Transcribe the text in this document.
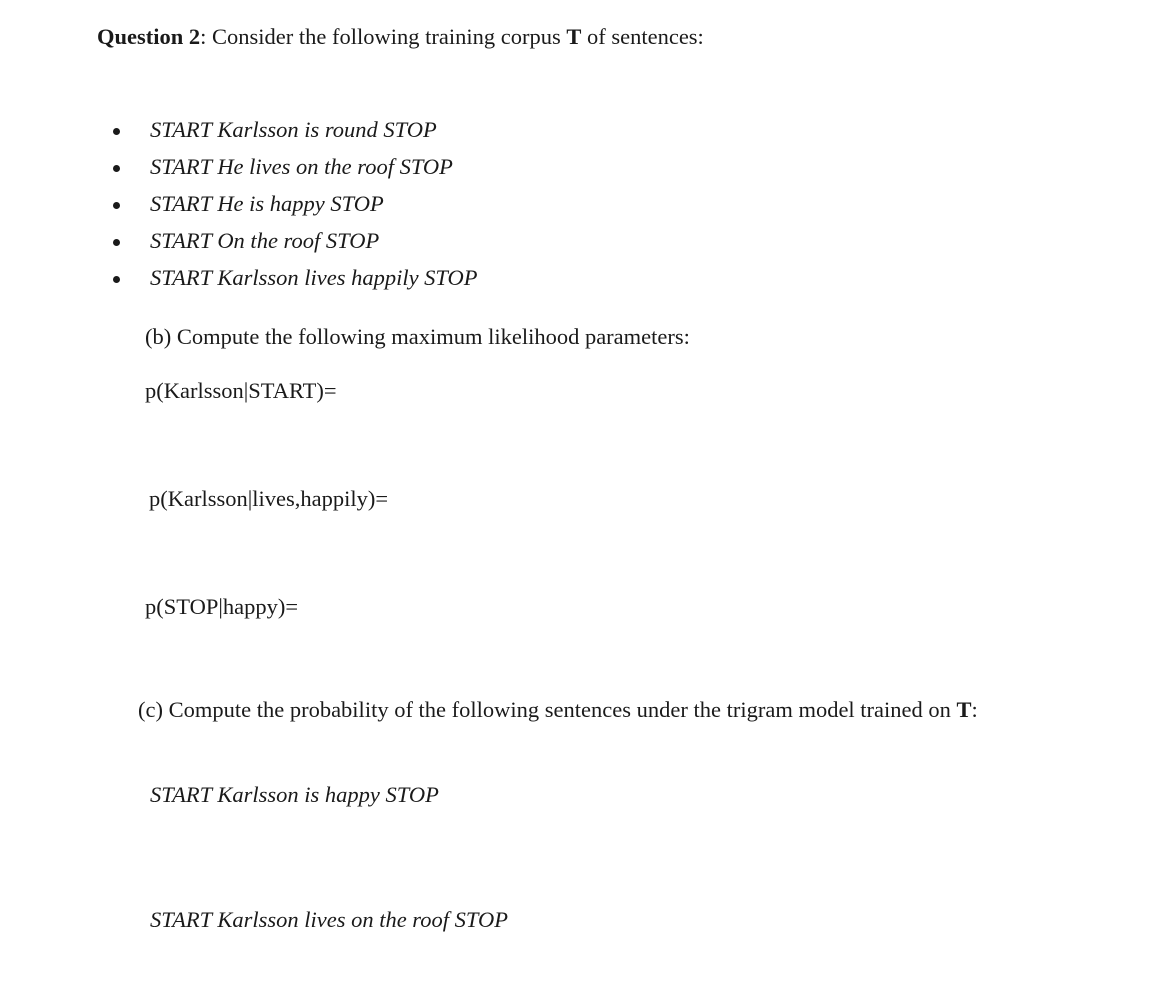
Question 2: Consider the following training corpus T of sentences:
START Karlsson is round STOP
START He lives on the roof STOP
START He is happy STOP
START On the roof STOP
START Karlsson lives happily STOP
(b) Compute the following maximum likelihood parameters:
p(Karlsson|START)=
p(Karlsson|lives,happily)=
p(STOP|happy)=
(c) Compute the probability of the following sentences under the trigram model trained on T:
START Karlsson is happy STOP
START Karlsson lives on the roof STOP
